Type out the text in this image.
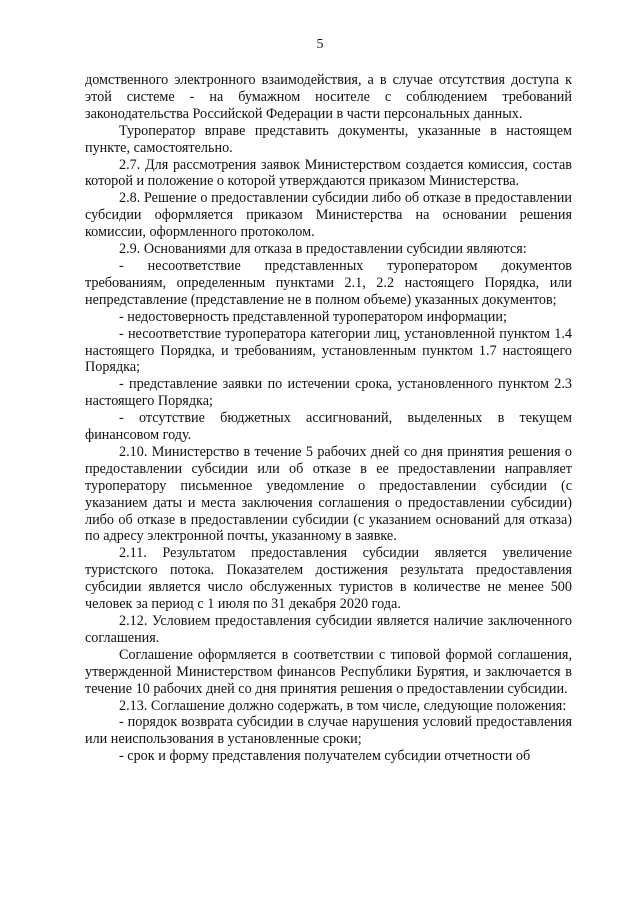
5

домственного электронного взаимодействия, а в случае отсутствия доступа к этой системе - на бумажном носителе с соблюдением требований законодательства Российской Федерации в части персональных данных.

Туроператор вправе представить документы, указанные в настоящем пункте, самостоятельно.

2.7. Для рассмотрения заявок Министерством создается комиссия, состав которой и положение о которой утверждаются приказом Министерства.

2.8. Решение о предоставлении субсидии либо об отказе в предоставлении субсидии оформляется приказом Министерства на основании решения комиссии, оформленного протоколом.

2.9. Основаниями для отказа в предоставлении субсидии являются:

- несоответствие представленных туроператором документов требованиям, определенным пунктами 2.1, 2.2 настоящего Порядка, или непредставление (представление не в полном объеме) указанных документов;

- недостоверность представленной туроператором информации;

- несоответствие туроператора категории лиц, установленной пунктом 1.4 настоящего Порядка, и требованиям, установленным пунктом 1.7 настоящего Порядка;

- представление заявки по истечении срока, установленного пунктом 2.3 настоящего Порядка;

- отсутствие бюджетных ассигнований, выделенных в текущем финансовом году.

2.10. Министерство в течение 5 рабочих дней со дня принятия решения о предоставлении субсидии или об отказе в ее предоставлении направляет туроператору письменное уведомление о предоставлении субсидии (с указанием даты и места заключения соглашения о предоставлении субсидии) либо об отказе в предоставлении субсидии (с указанием оснований для отказа) по адресу электронной почты, указанному в заявке.

2.11. Результатом предоставления субсидии является увеличение туристского потока. Показателем достижения результата предоставления субсидии является число обслуженных туристов в количестве не менее 500 человек за период с 1 июля по 31 декабря 2020 года.

2.12. Условием предоставления субсидии является наличие заключенного соглашения.

Соглашение оформляется в соответствии с типовой формой соглашения, утвержденной Министерством финансов Республики Бурятия, и заключается в течение 10 рабочих дней со дня принятия решения о предоставлении субсидии.

2.13. Соглашение должно содержать, в том числе, следующие положения:

- порядок возврата субсидии в случае нарушения условий предоставления или неиспользования в установленные сроки;

- срок и форму представления получателем субсидии отчетности об
